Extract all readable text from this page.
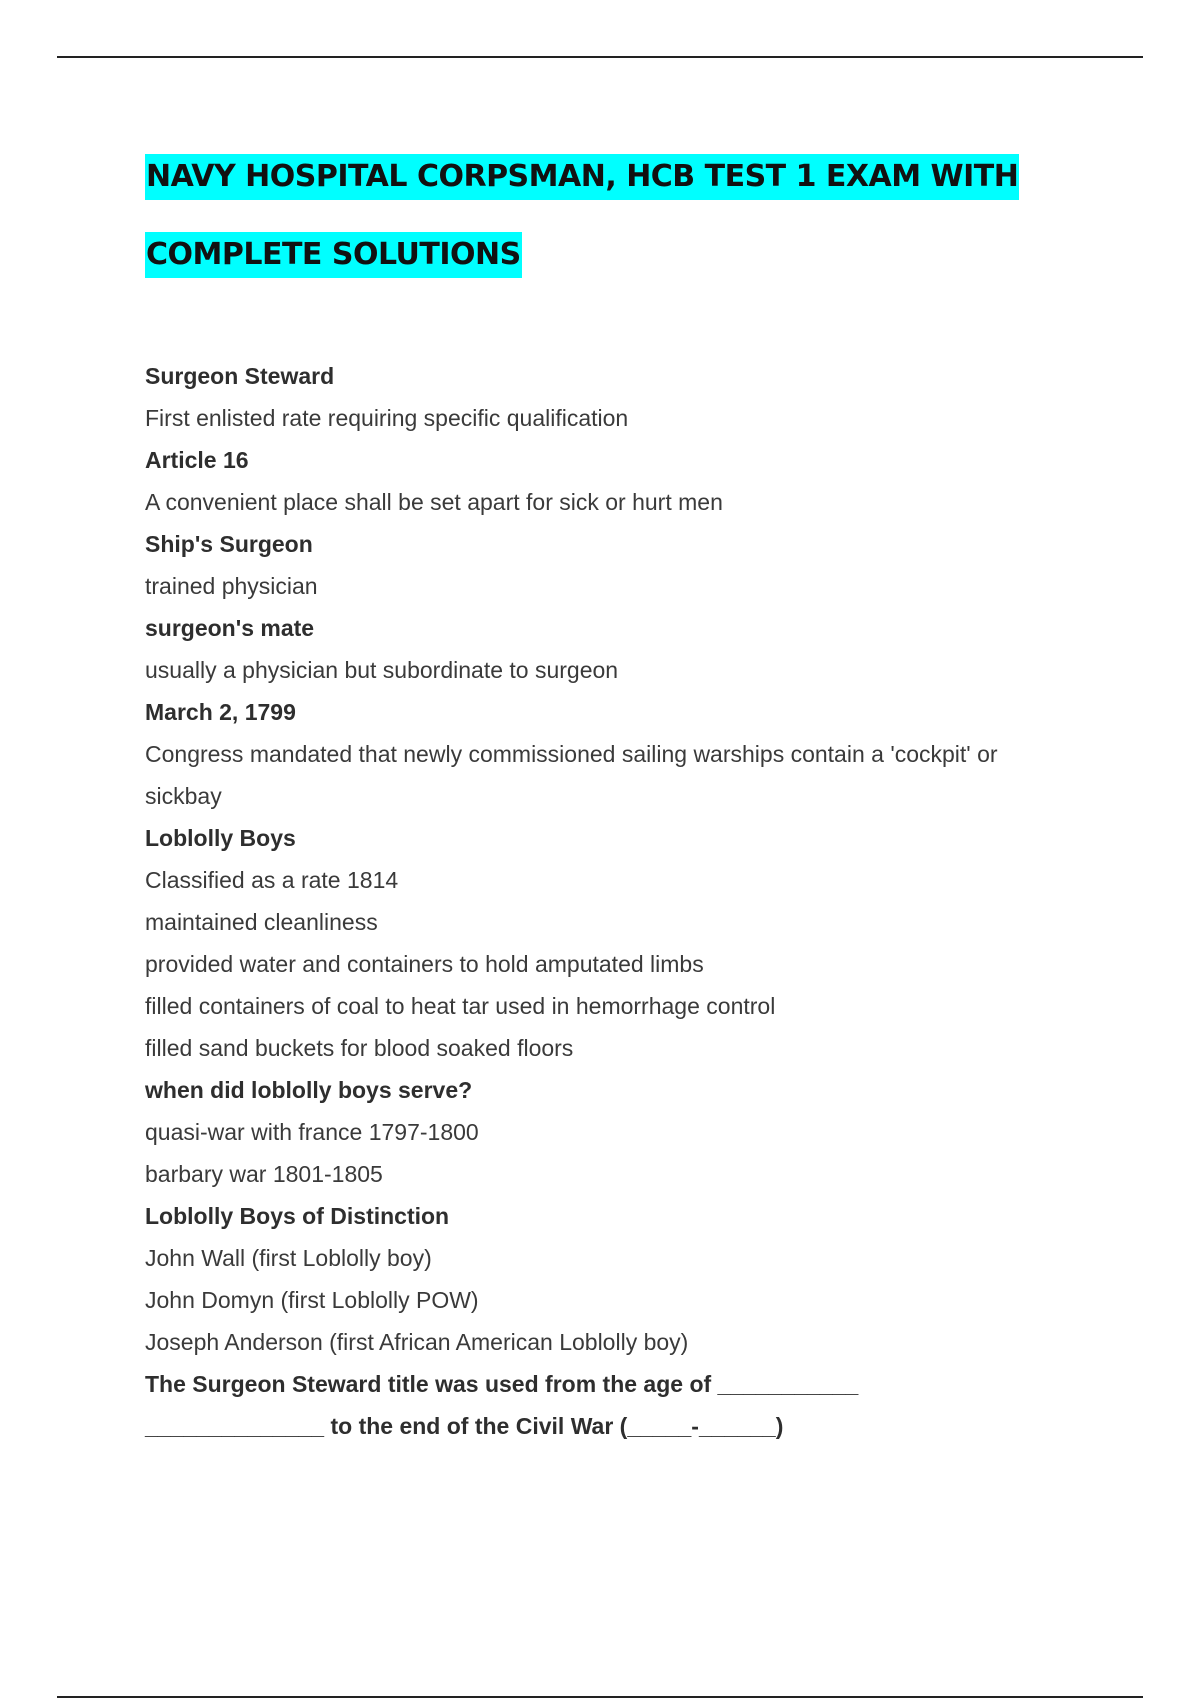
NAVY HOSPITAL CORPSMAN, HCB TEST 1 EXAM WITH
COMPLETE SOLUTIONS
Surgeon Steward
First enlisted rate requiring specific qualification
Article 16
A convenient place shall be set apart for sick or hurt men
Ship's Surgeon
trained physician
surgeon's mate
usually a physician but subordinate to surgeon
March 2, 1799
Congress mandated that newly commissioned sailing warships contain a 'cockpit' or
sickbay
Loblolly Boys
Classified as a rate 1814
maintained cleanliness
provided water and containers to hold amputated limbs
filled containers of coal to heat tar used in hemorrhage control
filled sand buckets for blood soaked floors
when did loblolly boys serve?
quasi-war with france 1797-1800
barbary war 1801-1805
Loblolly Boys of Distinction
John Wall (first Loblolly boy)
John Domyn (first Loblolly POW)
Joseph Anderson (first African American Loblolly boy)
The Surgeon Steward title was used from the age of ___________
______________ to the end of the Civil War (_____-______)
